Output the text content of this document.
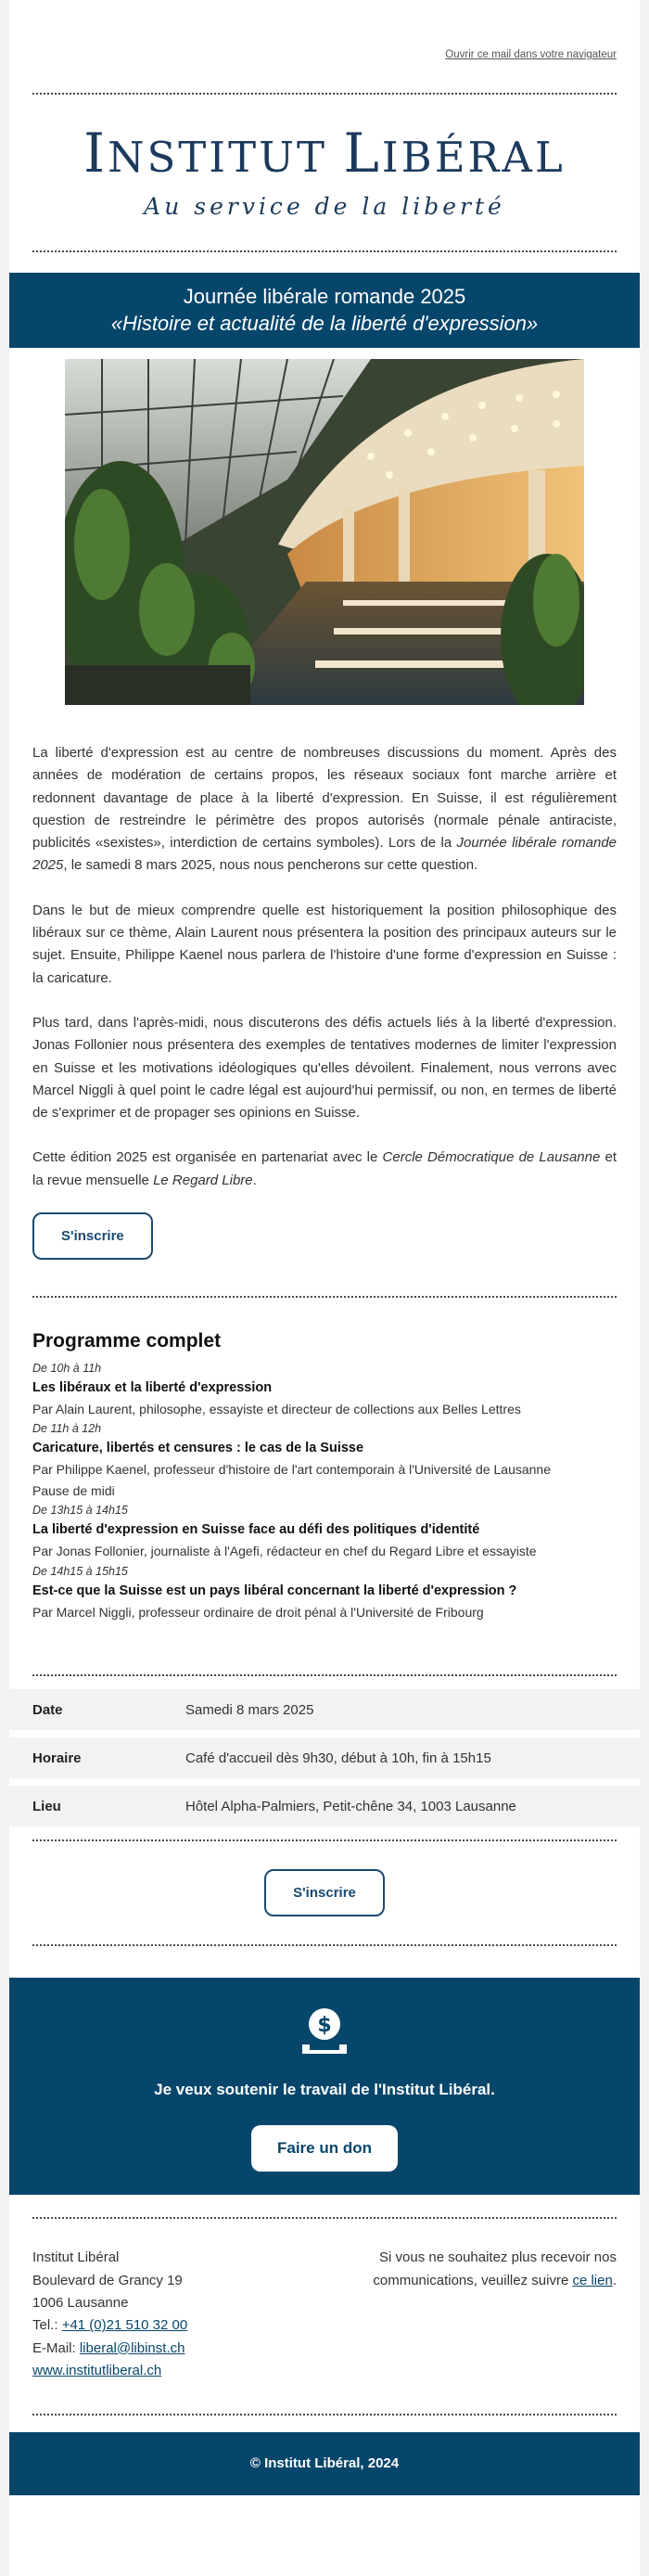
Ouvrir ce mail dans votre navigateur
INSTITUT LIBÉRAL
Au service de la liberté
Journée libérale romande 2025
«Histoire et actualité de la liberté d'expression»

La liberté d'expression est au centre de nombreuses discussions du moment. Après des années de modération de certains propos, les réseaux sociaux font marche arrière et redonnent davantage de place à la liberté d'expression. En Suisse, il est régulièrement question de restreindre le périmètre des propos autorisés (normale pénale antiraciste, publicités «sexistes», interdiction de certains symboles). Lors de la Journée libérale romande 2025, le samedi 8 mars 2025, nous nous pencherons sur cette question.

Dans le but de mieux comprendre quelle est historiquement la position philosophique des libéraux sur ce thème, Alain Laurent nous présentera la position des principaux auteurs sur le sujet. Ensuite, Philippe Kaenel nous parlera de l'histoire d'une forme d'expression en Suisse : la caricature.

Plus tard, dans l'après-midi, nous discuterons des défis actuels liés à la liberté d'expression. Jonas Follonier nous présentera des exemples de tentatives modernes de limiter l'expression en Suisse et les motivations idéologiques qu'elles dévoilent. Finalement, nous verrons avec Marcel Niggli à quel point le cadre légal est aujourd'hui permissif, ou non, en termes de liberté de s'exprimer et de propager ses opinions en Suisse.

Cette édition 2025 est organisée en partenariat avec le Cercle Démocratique de Lausanne et la revue mensuelle Le Regard Libre.

S'inscrire
Programme complet
De 10h à 11h
Les libéraux et la liberté d'expression
Par Alain Laurent, philosophe, essayiste et directeur de collections aux Belles Lettres
De 11h à 12h
Caricature, libertés et censures : le cas de la Suisse
Par Philippe Kaenel, professeur d'histoire de l'art contemporain à l'Université de Lausanne
Pause de midi
De 13h15 à 14h15
La liberté d'expression en Suisse face au défi des politiques d'identité
Par Jonas Follonier, journaliste à l'Agefi, rédacteur en chef du Regard Libre et essayiste
De 14h15 à 15h15
Est-ce que la Suisse est un pays libéral concernant la liberté d'expression ?
Par Marcel Niggli, professeur ordinaire de droit pénal à l'Université de Fribourg
Date	Samedi 8 mars 2025
Horaire	Café d'accueil dès 9h30, début à 10h, fin à 15h15
Lieu	Hôtel Alpha-Palmiers, Petit-chêne 34, 1003 Lausanne
S'inscrire
$
Je veux soutenir le travail de l'Institut Libéral.
Faire un don
Institut Libéral
Boulevard de Grancy 19
1006 Lausanne
Tel.: +41 (0)21 510 32 00
E-Mail: liberal@libinst.ch
www.institutliberal.ch
Si vous ne souhaitez plus recevoir nos communications, veuillez suivre ce lien.
© Institut Libéral, 2024
